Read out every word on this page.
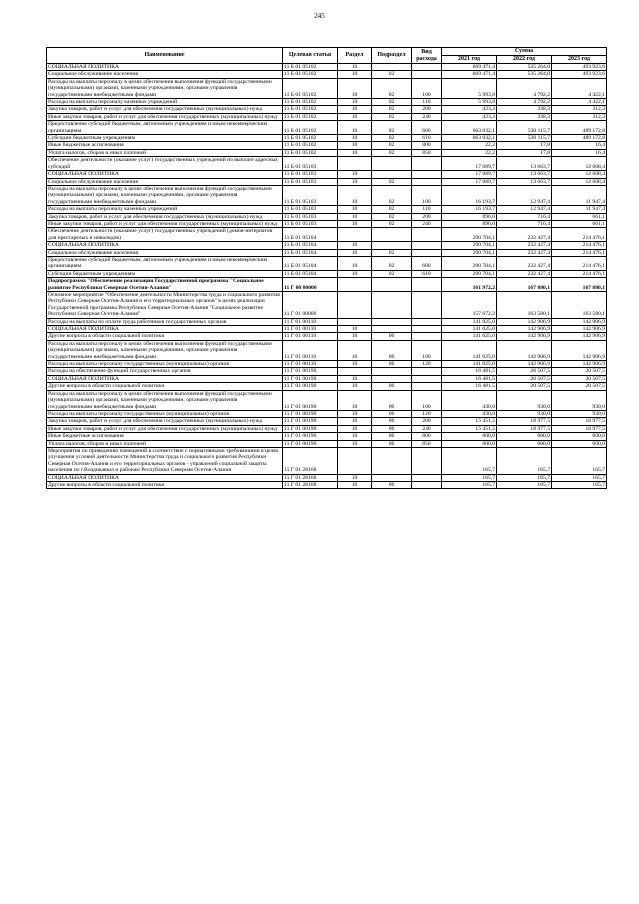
245
Наименование	Целевая статья	Раздел	Подраздел	Вид расхода	Сумма		
					2021 год	2022 год	2023 год
СОЦИАЛЬНАЯ ПОЛИТИКА	11 Б 01 05102	10			669 471,4	535 264,0	493 923,6
Социальное обслуживание населения	11 Б 01 05102	10	02		669 471,4	535 264,0	493 923,6
Расходы на выплаты персоналу в целях обеспечения выполнения функций государственными (муниципальными) органами, казенными учреждениями, органами управления государственными внебюджетными фондами	11 Б 01 05102	10	02	100	5 993,8	4 792,2	4 422,1
Расходы на выплаты персоналу казенных учреждений	11 Б 01 05102	10	02	110	5 993,8	4 792,2	4 422,1
Закупка товаров, работ и услуг для обеспечения государственных (муниципальных) нужд	11 Б 01 05102	10	02	200	423,3	338,3	312,3
Иные закупки товаров, работ и услуг для обеспечения государственных (муниципальных) нужд	11 Б 01 05102	10	02	240	423,3	338,3	312,3
Предоставление субсидий бюджетным, автономным учреждениям и иным некоммерческим организациям	11 Б 01 05102	10	02	600	663 032,1	530 115,7	489 172,8
Субсидии бюджетным учреждениям	11 Б 01 05102	10	02	610	663 032,1	530 115,7	489 172,8
Иные бюджетные ассигнования	11 Б 01 05102	10	02	800	22,2	17,8	16,4
Уплата налогов, сборов и иных платежей	11 Б 01 05102	10	02	850	22,2	17,8	16,4
Обеспечение деятельности (оказание услуг) государственных учреждений по выплате адресных субсидий	11 Б 01 05103				17 089,7	13 663,7	12 608,4
СОЦИАЛЬНАЯ ПОЛИТИКА	11 Б 01 05103	10			17 089,7	13 663,7	12 608,4
Социальное обслуживание населения	11 Б 01 05103	10	02		17 089,7	13 663,7	12 608,4
Расходы на выплаты персоналу в целях обеспечения выполнения функций государственными (муниципальными) органами, казенными учреждениями, органами управления государственными внебюджетными фондами	11 Б 01 05103	10	02	100	16 193,7	12 947,4	11 947,4
Расходы на выплаты персоналу казенных учреждений	11 Б 01 05103	10	02	110	16 193,7	12 947,4	11 947,4
Закупка товаров, работ и услуг для обеспечения государственных (муниципальных) нужд	11 Б 01 05103	10	02	200	896,0	716,4	661,1
Иные закупки товаров, работ и услуг для обеспечения государственных (муниципальных) нужд	11 Б 01 05103	10	02	240	896,0	716,4	661,1
Обеспечение деятельности (оказание услуг) государственных учреждений (домов-интернатов для престарелых и инвалидов)	11 Б 01 05104				290 704,1	232 427,4	214 476,1
СОЦИАЛЬНАЯ ПОЛИТИКА	11 Б 01 05104	10			290 704,1	232 427,4	214 476,1
Социальное обслуживание населения	11 Б 01 05104	10	02		290 704,1	232 427,4	214 476,1
Предоставление субсидий бюджетным, автономным учреждениям и иным некоммерческим организациям	11 Б 01 05104	10	02	600	290 704,1	232 427,4	214 476,1
Субсидии бюджетным учреждениям	11 Б 01 05104	10	02	610	290 704,1	232 427,4	214 476,1
Подпрограмма "Обеспечение реализации Государственной программы "Социальное развитие Республики Северная Осетия-Алания"	11 Г 00 00000				161 972,2	167 880,1	167 880,1
Основное мероприятие "Обеспечение деятельности Министерства труда и социального развития Республики Северная Осетия-Алания и его территориальных органов" в целях реализации Государственной программы Республики Северная Осетия-Алания "Социальное развитие Республики Северная Осетия-Алания"	11 Г 01 00000				157 672,2	163 580,1	163 580,1
Расходы на выплаты по оплате труда работников государственных органов	11 Г 01 00110				141 025,0	142 906,9	142 906,9
СОЦИАЛЬНАЯ ПОЛИТИКА	11 Г 01 00110	10			141 025,0	142 906,9	142 906,9
Другие вопросы в области социальной политики	11 Г 01 00110	10	06		141 025,0	142 906,9	142 906,9
Расходы на выплаты персоналу в целях обеспечения выполнения функций государственными (муниципальными) органами, казенными учреждениями, органами управления государственными внебюджетными фондами	11 Г 01 00110	10	06	100	141 025,0	142 906,9	142 906,9
Расходы на выплаты персоналу государственных (муниципальных) органов	11 Г 01 00110	10	06	120	141 025,0	142 906,9	142 906,9
Расходы на обеспечение функций государственных органов	11 Г 01 00190				16 481,5	20 507,5	20 507,5
СОЦИАЛЬНАЯ ПОЛИТИКА	11 Г 01 00190	10			16 481,5	20 507,5	20 507,5
Другие вопросы в области социальной политики	11 Г 01 00190	10	06		16 481,5	20 507,5	20 507,5
Расходы на выплаты персоналу в целях обеспечения выполнения функций государственными (муниципальными) органами, казенными учреждениями, органами управления государственными внебюджетными фондами	11 Г 01 00190	10	06	100	430,0	930,0	930,0
Расходы на выплаты персоналу государственных (муниципальных) органов	11 Г 01 00190	10	06	120	430,0	930,0	930,0
Закупка товаров, работ и услуг для обеспечения государственных (муниципальных) нужд	11 Г 01 00190	10	06	200	15 451,5	18 977,5	18 977,5
Иные закупки товаров, работ и услуг для обеспечения государственных (муниципальных) нужд	11 Г 01 00190	10	06	240	15 451,5	18 977,5	18 977,5
Иные бюджетные ассигнования	11 Г 01 00190	10	06	800	600,0	600,0	600,0
Уплата налогов, сборов и иных платежей	11 Г 01 00190	10	06	850	600,0	600,0	600,0
Мероприятия по приведению помещений в соответствие с нормативными требованиями в целях улучшения условий деятельности Министерства труда и социального развития Республики Северная Осетия-Алания и его территориальных органов - управлений социальной защиты населения по г.Владикавказ и районам Республики Северная Осетия-Алания	11 Г 01 28168				165,7	165,7	165,7
СОЦИАЛЬНАЯ ПОЛИТИКА	11 Г 01 28168	10			165,7	165,7	165,7
Другие вопросы в области социальной политики	11 Г 01 28168	10	06		165,7	165,7	165,7
